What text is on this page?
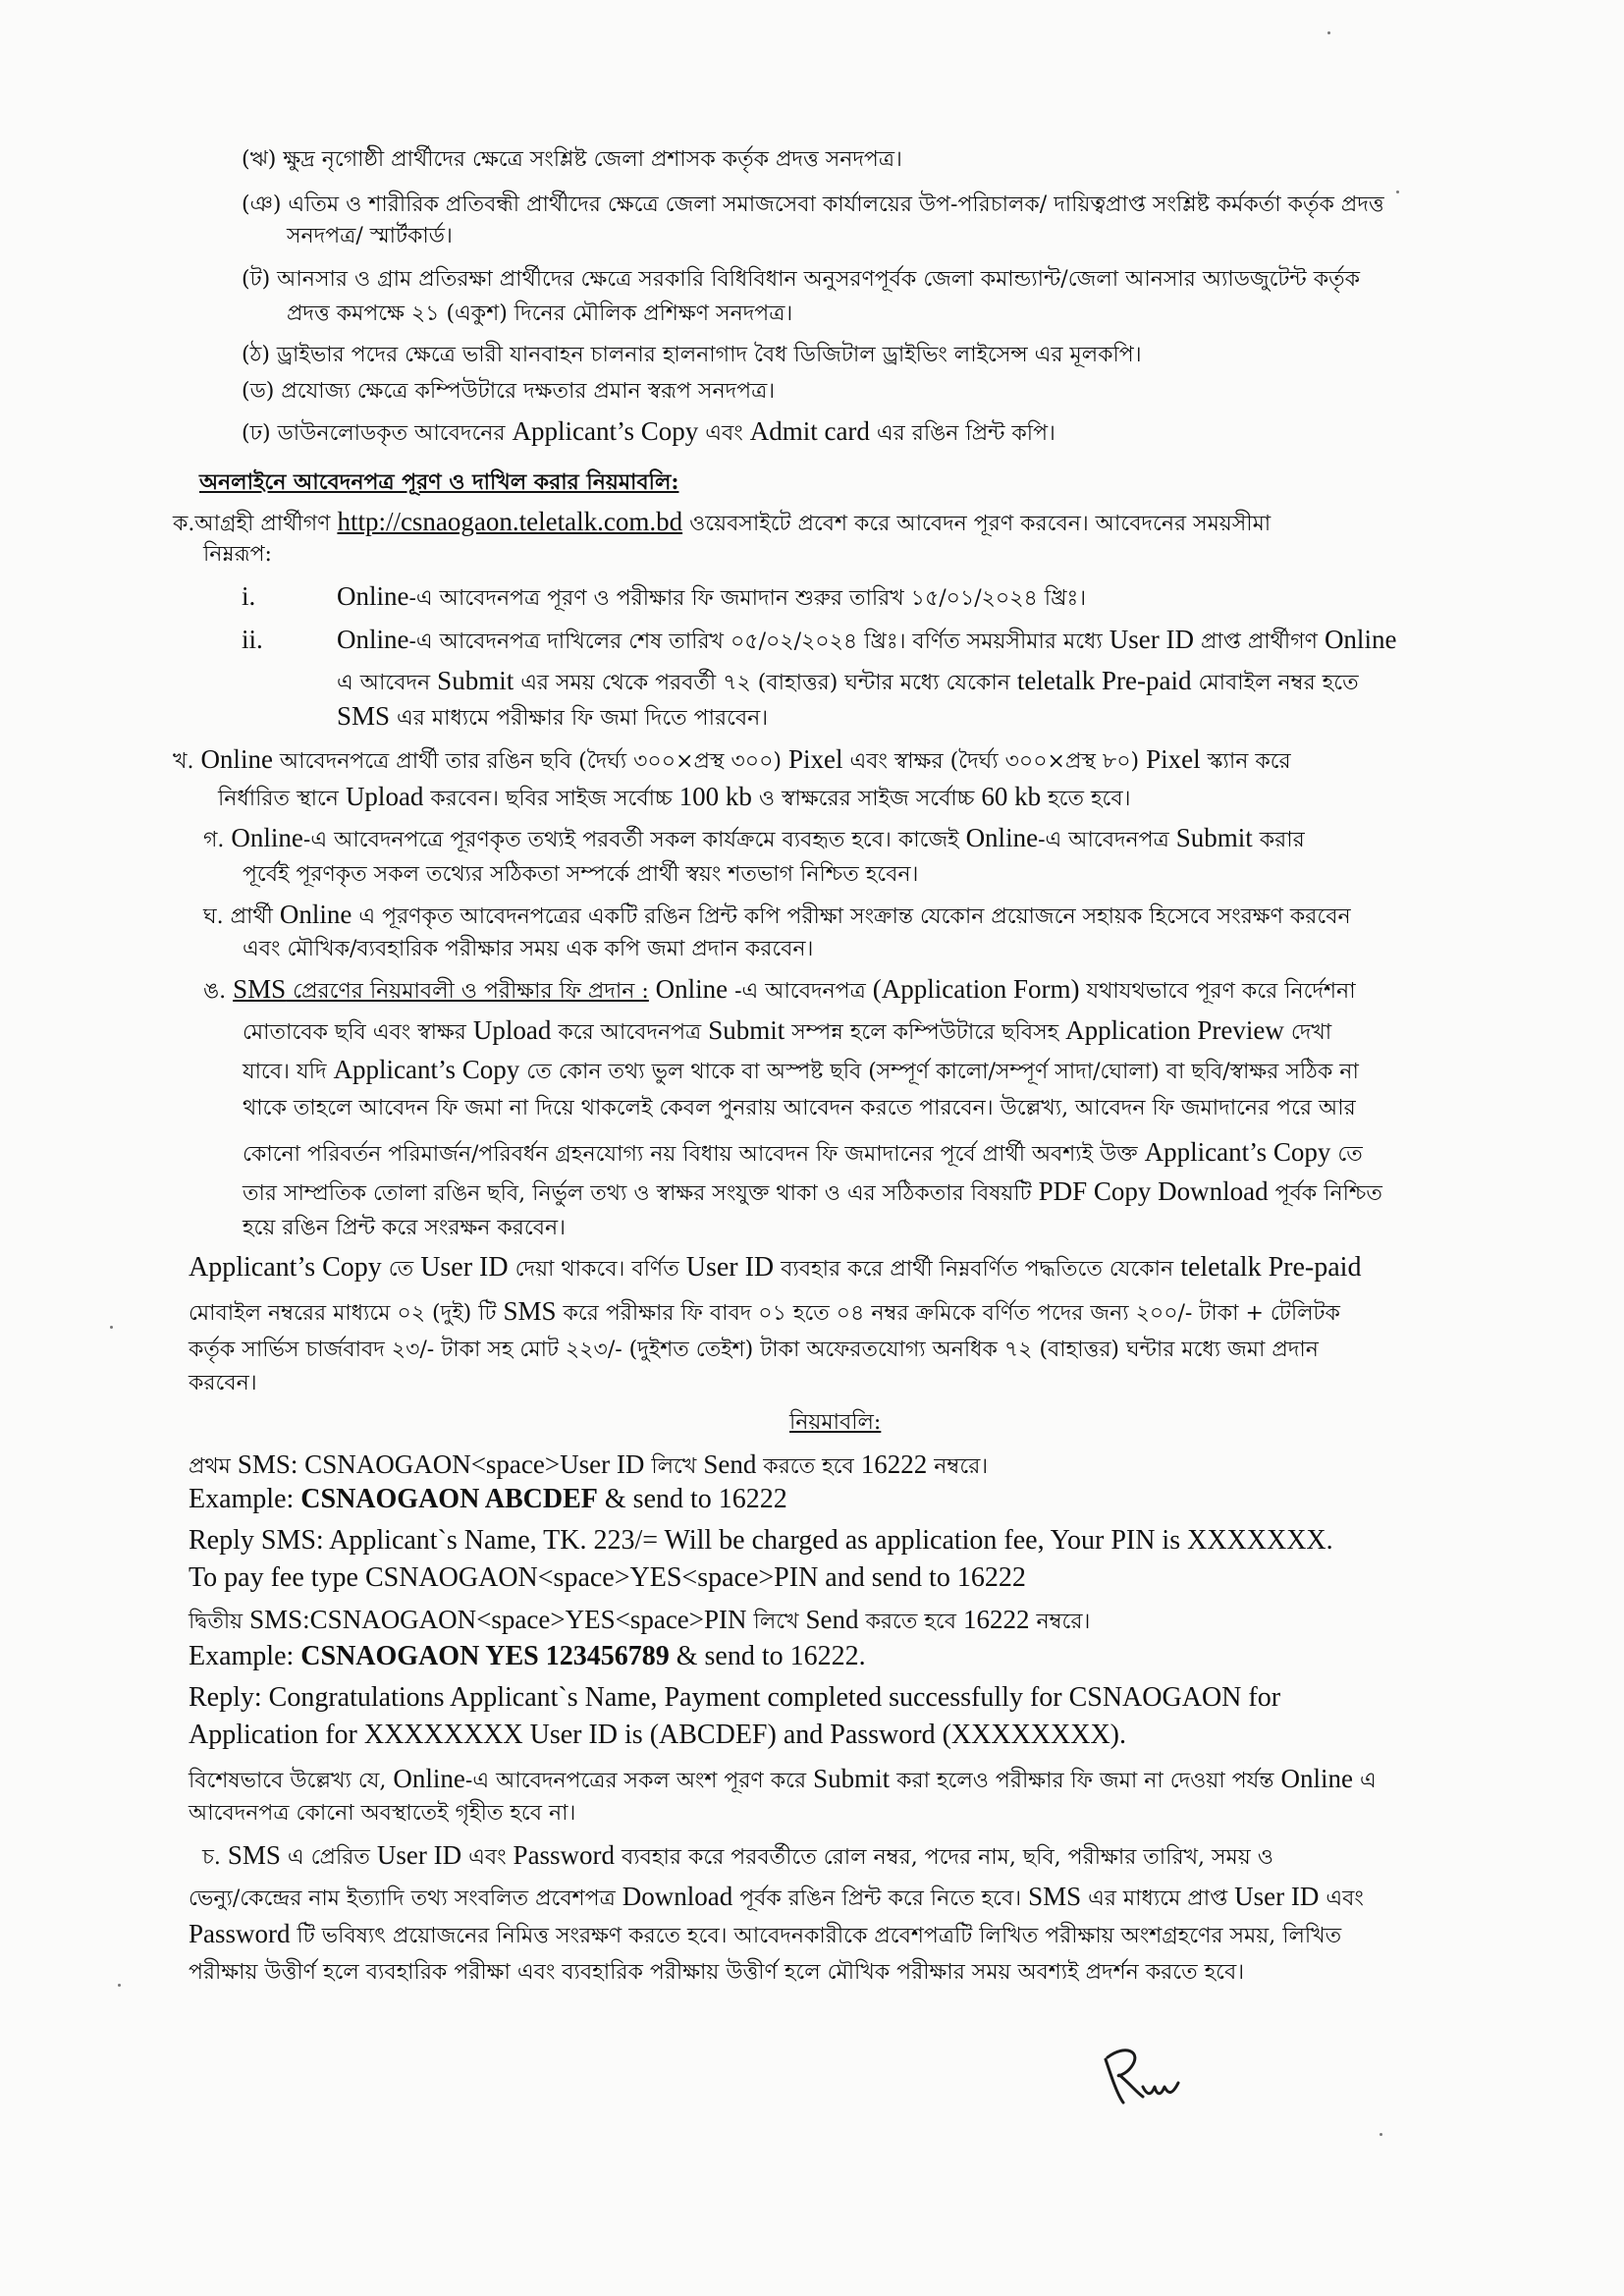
(ঋ) ক্ষুদ্র নৃগোষ্ঠী প্রার্থীদের ক্ষেত্রে সংশ্লিষ্ট জেলা প্রশাসক কর্তৃক প্রদত্ত সনদপত্র।
(ঞ) এতিম ও শারীরিক প্রতিবন্ধী প্রার্থীদের ক্ষেত্রে জেলা সমাজসেবা কার্যালয়ের উপ-পরিচালক/ দায়িত্বপ্রাপ্ত সংশ্লিষ্ট কর্মকর্তা কর্তৃক প্রদত্ত
সনদপত্র/ স্মার্টকার্ড।
(ট) আনসার ও গ্রাম প্রতিরক্ষা প্রার্থীদের ক্ষেত্রে সরকারি বিধিবিধান অনুসরণপূর্বক জেলা কমান্ড্যান্ট/জেলা আনসার অ্যাডজুটেন্ট কর্তৃক
প্রদত্ত কমপক্ষে ২১ (একুশ) দিনের মৌলিক প্রশিক্ষণ সনদপত্র।
(ঠ) ড্রাইভার পদের ক্ষেত্রে ভারী যানবাহন চালনার হালনাগাদ বৈধ ডিজিটাল ড্রাইভিং লাইসেন্স এর মূলকপি।
(ড) প্রযোজ্য ক্ষেত্রে কম্পিউটারে দক্ষতার প্রমান স্বরূপ সনদপত্র।
(ঢ) ডাউনলোডকৃত আবেদনের Applicant’s Copy এবং Admit card এর রঙিন প্রিন্ট কপি।
অনলাইনে আবেদনপত্র পূরণ ও দাখিল করার নিয়মাবলি:
ক.আগ্রহী প্রার্থীগণ http://csnaogaon.teletalk.com.bd ওয়েবসাইটে প্রবেশ করে আবেদন পূরণ করবেন। আবেদনের সময়সীমা
নিম্নরূপ:
i.	Online-এ আবেদনপত্র পূরণ ও পরীক্ষার ফি জমাদান শুরুর তারিখ ১৫/০১/২০২৪ খ্রিঃ।
ii.	Online-এ আবেদনপত্র দাখিলের শেষ তারিখ ০৫/০২/২০২৪ খ্রিঃ। বর্ণিত সময়সীমার মধ্যে User ID প্রাপ্ত প্রার্থীগণ Online
এ আবেদন Submit এর সময় থেকে পরবর্তী ৭২ (বাহাত্তর) ঘন্টার মধ্যে যেকোন teletalk Pre-paid মোবাইল নম্বর হতে
SMS এর মাধ্যমে পরীক্ষার ফি জমা দিতে পারবেন।
খ. Online আবেদনপত্রে প্রার্থী তার রঙিন ছবি (দৈর্ঘ্য ৩০০×প্রস্থ ৩০০) Pixel এবং স্বাক্ষর (দৈর্ঘ্য ৩০০×প্রস্থ ৮০) Pixel স্ক্যান করে
নির্ধারিত স্থানে Upload করবেন। ছবির সাইজ সর্বোচ্চ 100 kb ও স্বাক্ষরের সাইজ সর্বোচ্চ 60 kb হতে হবে।
গ. Online-এ আবেদনপত্রে পূরণকৃত তথ্যই পরবর্তী সকল কার্যক্রমে ব্যবহৃত হবে। কাজেই Online-এ আবেদনপত্র Submit করার
পূর্বেই পূরণকৃত সকল তথ্যের সঠিকতা সম্পর্কে প্রার্থী স্বয়ং শতভাগ নিশ্চিত হবেন।
ঘ. প্রার্থী Online এ পূরণকৃত আবেদনপত্রের একটি রঙিন প্রিন্ট কপি পরীক্ষা সংক্রান্ত যেকোন প্রয়োজনে সহায়ক হিসেবে সংরক্ষণ করবেন
এবং মৌখিক/ব্যবহারিক পরীক্ষার সময় এক কপি জমা প্রদান করবেন।
ঙ. SMS প্রেরণের নিয়মাবলী ও পরীক্ষার ফি প্রদান : Online -এ আবেদনপত্র (Application Form) যথাযথভাবে পূরণ করে নির্দেশনা
মোতাবেক ছবি এবং স্বাক্ষর Upload করে আবেদনপত্র Submit সম্পন্ন হলে কম্পিউটারে ছবিসহ Application Preview দেখা
যাবে। যদি Applicant’s Copy তে কোন তথ্য ভুল থাকে বা অস্পষ্ট ছবি (সম্পূর্ণ কালো/সম্পূর্ণ সাদা/ঘোলা) বা ছবি/স্বাক্ষর সঠিক না
থাকে তাহলে আবেদন ফি জমা না দিয়ে থাকলেই কেবল পুনরায় আবেদন করতে পারবেন। উল্লেখ্য, আবেদন ফি জমাদানের পরে আর
কোনো পরিবর্তন পরিমার্জন/পরিবর্ধন গ্রহনযোগ্য নয় বিধায় আবেদন ফি জমাদানের পূর্বে প্রার্থী অবশ্যই উক্ত Applicant’s Copy তে
তার সাম্প্রতিক তোলা রঙিন ছবি, নির্ভুল তথ্য ও স্বাক্ষর সংযুক্ত থাকা ও এর সঠিকতার বিষয়টি PDF Copy Download পূর্বক নিশ্চিত
হয়ে রঙিন প্রিন্ট করে সংরক্ষন করবেন।
Applicant’s Copy তে User ID দেয়া থাকবে। বর্ণিত User ID ব্যবহার করে প্রার্থী নিম্নবর্ণিত পদ্ধতিতে যেকোন teletalk Pre-paid
মোবাইল নম্বরের মাধ্যমে ০২ (দুই) টি SMS করে পরীক্ষার ফি বাবদ ০১ হতে ০৪ নম্বর ক্রমিকে বর্ণিত পদের জন্য ২০০/- টাকা + টেলিটক
কর্তৃক সার্ভিস চার্জবাবদ ২৩/- টাকা সহ মোট ২২৩/- (দুইশত তেইশ) টাকা অফেরতযোগ্য অনধিক ৭২ (বাহাত্তর) ঘন্টার মধ্যে জমা প্রদান
করবেন।
নিয়মাবলি:
প্রথম SMS: CSNAOGAON<space>User ID লিখে Send করতে হবে 16222 নম্বরে।
Example: CSNAOGAON ABCDEF & send to 16222
Reply SMS: Applicant`s Name, TK. 223/= Will be charged as application fee, Your PIN is XXXXXXX.
To pay fee type CSNAOGAON<space>YES<space>PIN and send to 16222
দ্বিতীয় SMS:CSNAOGAON<space>YES<space>PIN লিখে Send করতে হবে 16222 নম্বরে।
Example: CSNAOGAON YES 123456789 & send to 16222.
Reply: Congratulations Applicant`s Name, Payment completed successfully for CSNAOGAON for
Application for XXXXXXXX User ID is (ABCDEF) and Password (XXXXXXXX).
বিশেষভাবে উল্লেখ্য যে, Online-এ আবেদনপত্রের সকল অংশ পূরণ করে Submit করা হলেও পরীক্ষার ফি জমা না দেওয়া পর্যন্ত Online এ
আবেদনপত্র কোনো অবস্থাতেই গৃহীত হবে না।
চ. SMS এ প্রেরিত User ID এবং Password ব্যবহার করে পরবর্তীতে রোল নম্বর, পদের নাম, ছবি, পরীক্ষার তারিখ, সময় ও
ভেন্যু/কেন্দ্রের নাম ইত্যাদি তথ্য সংবলিত প্রবেশপত্র Download পূর্বক রঙিন প্রিন্ট করে নিতে হবে। SMS এর মাধ্যমে প্রাপ্ত User ID এবং
Password টি ভবিষ্যৎ প্রয়োজনের নিমিত্ত সংরক্ষণ করতে হবে। আবেদনকারীকে প্রবেশপত্রটি লিখিত পরীক্ষায় অংশগ্রহণের সময়, লিখিত
পরীক্ষায় উত্তীর্ণ হলে ব্যবহারিক পরীক্ষা এবং ব্যবহারিক পরীক্ষায় উত্তীর্ণ হলে মৌখিক পরীক্ষার সময় অবশ্যই প্রদর্শন করতে হবে।
